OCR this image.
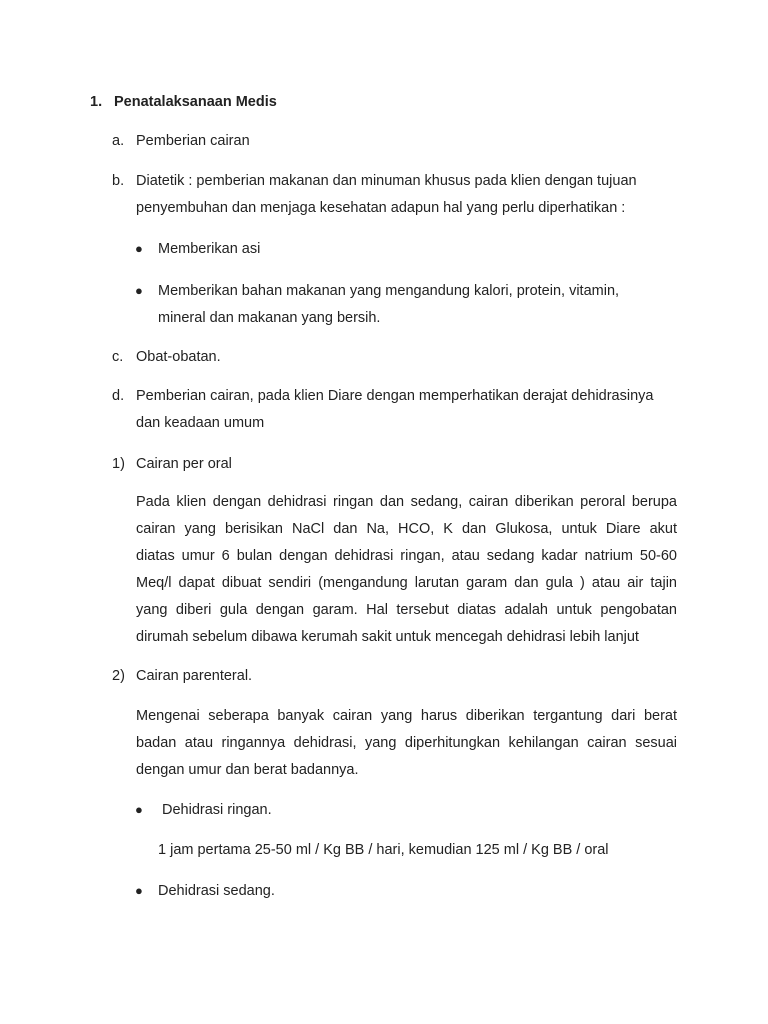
1. Penatalaksanaan Medis
a. Pemberian cairan
b. Diatetik : pemberian makanan dan minuman khusus pada klien dengan tujuan
penyembuhan dan menjaga kesehatan adapun hal yang perlu diperhatikan :
● Memberikan asi
● Memberikan bahan makanan yang mengandung kalori, protein, vitamin,
mineral dan makanan yang bersih.
c. Obat-obatan.
d. Pemberian cairan, pada klien Diare dengan memperhatikan derajat dehidrasinya
dan keadaan umum
1) Cairan per oral
Pada klien dengan dehidrasi ringan dan sedang, cairan diberikan peroral berupa
cairan yang berisikan NaCl dan Na, HCO, K dan Glukosa, untuk Diare akut
diatas umur 6 bulan dengan dehidrasi ringan, atau sedang kadar natrium 50-60
Meq/l dapat dibuat sendiri (mengandung larutan garam dan gula ) atau air tajin
yang diberi gula dengan garam. Hal tersebut diatas adalah untuk pengobatan
dirumah sebelum dibawa kerumah sakit untuk mencegah dehidrasi lebih lanjut
2) Cairan parenteral.
Mengenai seberapa banyak cairan yang harus diberikan tergantung dari berat
badan atau ringannya dehidrasi, yang diperhitungkan kehilangan cairan sesuai
dengan umur dan berat badannya.
● Dehidrasi ringan.
1 jam pertama 25-50 ml / Kg BB / hari, kemudian 125 ml / Kg BB / oral
● Dehidrasi sedang.
